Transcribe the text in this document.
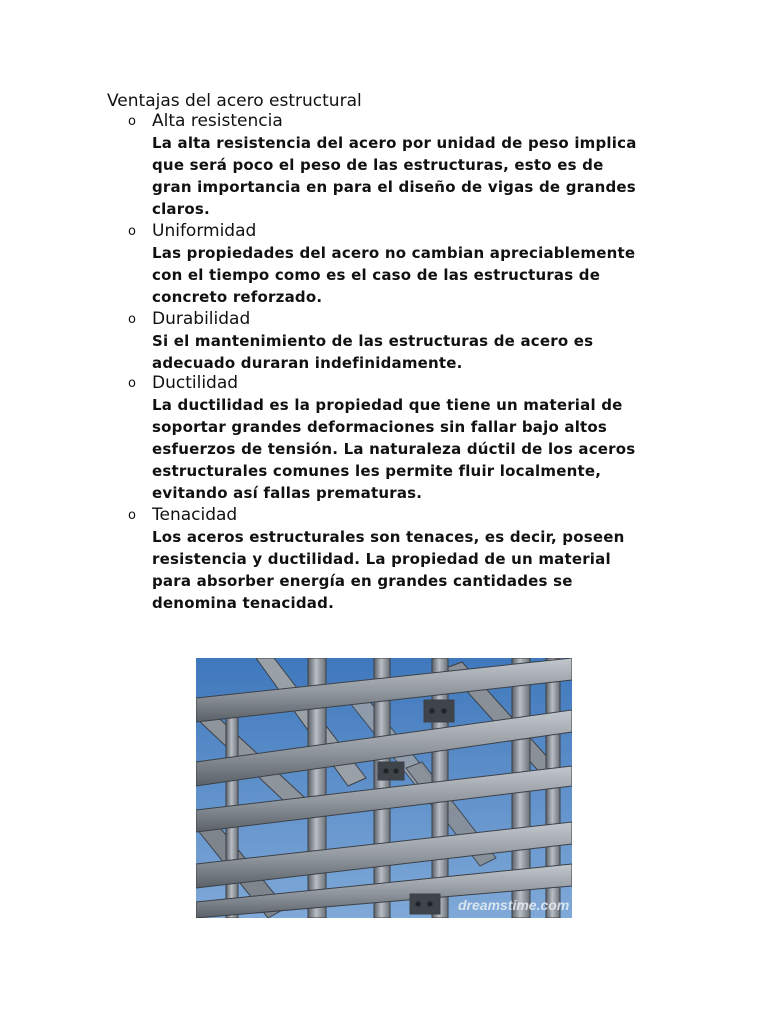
Ventajas del acero estructural
o Alta resistencia

La alta resistencia del acero por unidad de peso implica
que será poco el peso de las estructuras, esto es de
gran importancia en para el diseño de vigas de grandes
claros.

o Uniformidad

Las propiedades del acero no cambian apreciablemente
con el tiempo como es el caso de las estructuras de
concreto reforzado.

o Durabilidad

Si el mantenimiento de las estructuras de acero es
adecuado duraran indefinidamente.

o Ductilidad

La ductilidad es la propiedad que tiene un material de
soportar grandes deformaciones sin fallar bajo altos
esfuerzos de tensión. La naturaleza dúctil de los aceros
estructurales comunes les permite fluir localmente,
evitando así fallas prematuras.

o Tenacidad

Los aceros estructurales son tenaces, es decir, poseen
resistencia y ductilidad. La propiedad de un material
para absorber energía en grandes cantidades se
denomina tenacidad.

dreamstime.com
